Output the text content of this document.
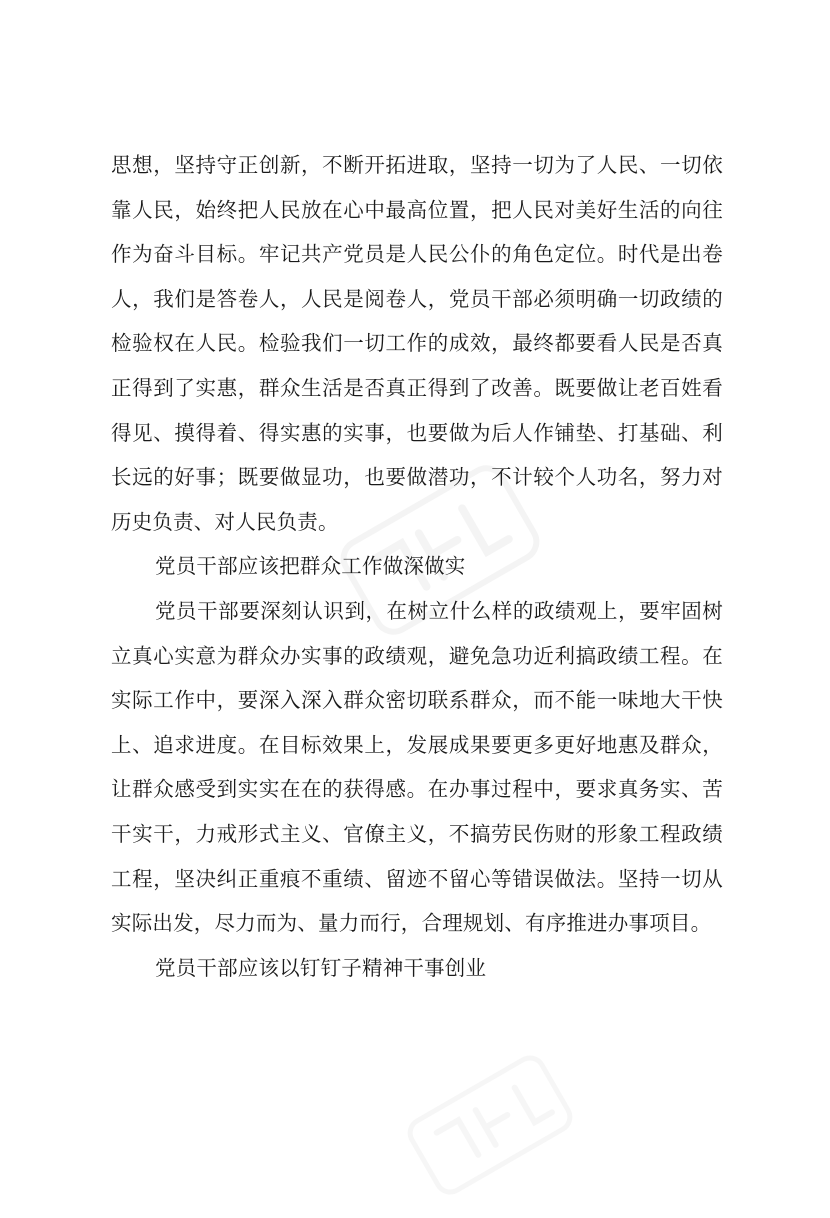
思想，坚持守正创新，不断开拓进取，坚持一切为了人民、一切依靠人民，始终把人民放在心中最高位置，把人民对美好生活的向往作为奋斗目标。牢记共产党员是人民公仆的角色定位。时代是出卷人，我们是答卷人，人民是阅卷人，党员干部必须明确一切政绩的检验权在人民。检验我们一切工作的成效，最终都要看人民是否真正得到了实惠，群众生活是否真正得到了改善。既要做让老百姓看得见、摸得着、得实惠的实事，也要做为后人作铺垫、打基础、利长远的好事；既要做显功，也要做潜功，不计较个人功名，努力对历史负责、对人民负责。

党员干部应该把群众工作做深做实

党员干部要深刻认识到，在树立什么样的政绩观上，要牢固树立真心实意为群众办实事的政绩观，避免急功近利搞政绩工程。在实际工作中，要深入深入群众密切联系群众，而不能一味地大干快上、追求进度。在目标效果上，发展成果要更多更好地惠及群众，让群众感受到实实在在的获得感。在办事过程中，要求真务实、苦干实干，力戒形式主义、官僚主义，不搞劳民伤财的形象工程政绩工程，坚决纠正重痕不重绩、留迹不留心等错误做法。坚持一切从实际出发，尽力而为、量力而行，合理规划、有序推进办事项目。

党员干部应该以钉钉子精神干事创业
